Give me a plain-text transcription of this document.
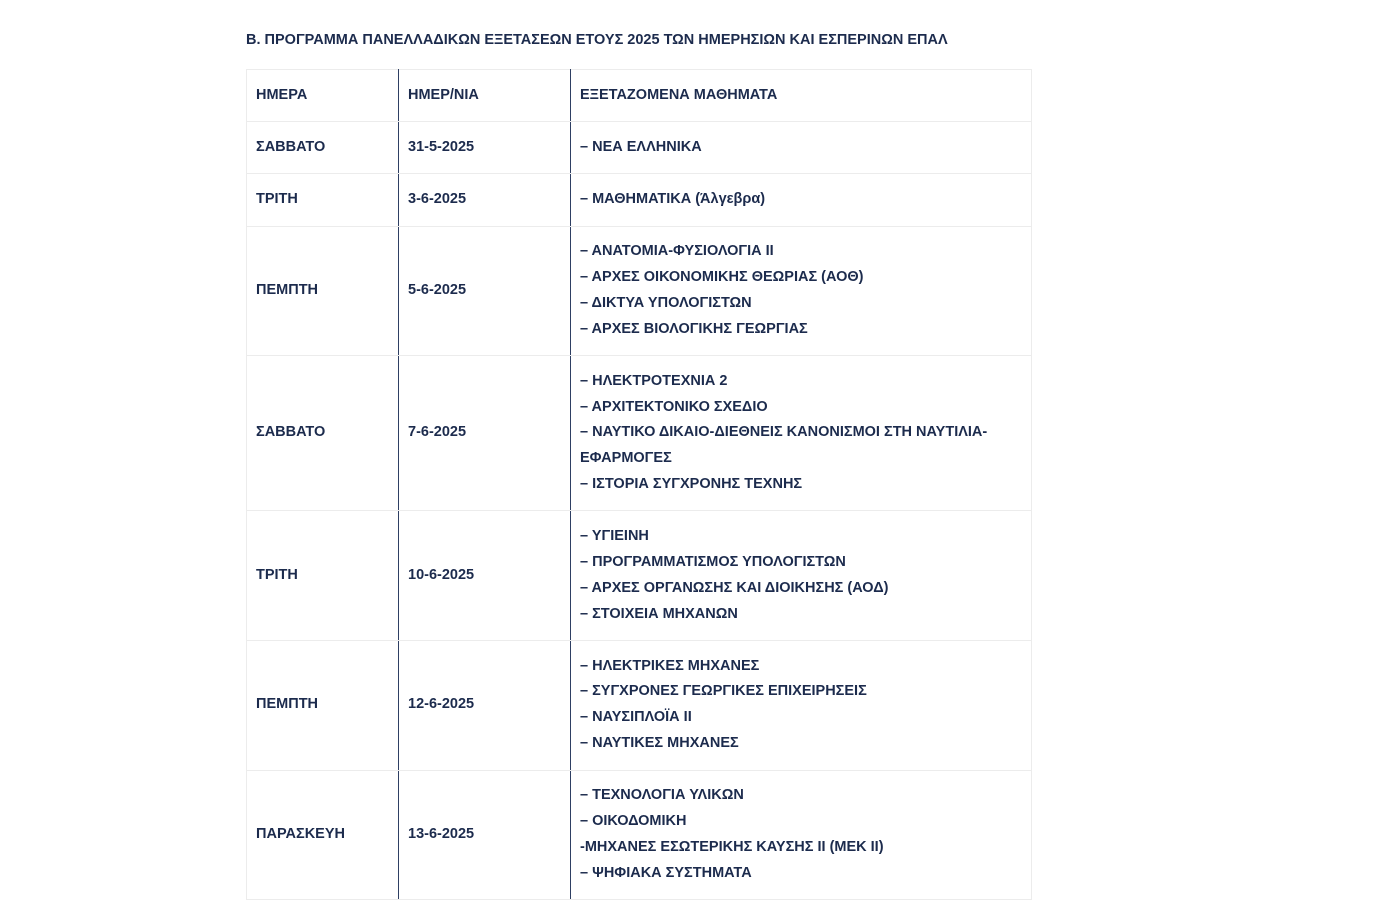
Β. ΠΡΟΓΡΑΜΜΑ ΠΑΝΕΛΛΑΔΙΚΩΝ ΕΞΕΤΑΣΕΩΝ ΕΤΟΥΣ 2025 ΤΩΝ ΗΜΕΡΗΣΙΩΝ ΚΑΙ ΕΣΠΕΡΙΝΩΝ ΕΠΑΛ
ΗΜΕΡΑ	ΗΜΕΡ/ΝΙΑ	ΕΞΕΤΑΖΟΜΕΝΑ ΜΑΘΗΜΑΤΑ
ΣΑΒΒΑΤΟ	31-5-2025	– ΝΕΑ ΕΛΛΗΝΙΚΑ

ΤΡΙΤΗ	3-6-2025	– ΜΑΘΗΜΑΤΙΚΑ (Άλγεβρα)

ΠΕΜΠΤΗ	5-6-2025	– ΑΝΑΤΟΜΙΑ-ΦΥΣΙΟΛΟΓΙΑ ΙΙ
– ΑΡΧΕΣ ΟΙΚΟΝΟΜΙΚΗΣ ΘΕΩΡΙΑΣ (ΑΟΘ)
– ΔΙΚΤΥΑ ΥΠΟΛΟΓΙΣΤΩΝ
– ΑΡΧΕΣ ΒΙΟΛΟΓΙΚΗΣ ΓΕΩΡΓΙΑΣ

ΣΑΒΒΑΤΟ	7-6-2025	– ΗΛΕΚΤΡΟΤΕΧΝΙΑ 2
– ΑΡΧΙΤΕΚΤΟΝΙΚΟ ΣΧΕΔΙΟ
– ΝΑΥΤΙΚΟ ΔΙΚΑΙΟ-ΔΙΕΘΝΕΙΣ ΚΑΝΟΝΙΣΜΟΙ ΣΤΗ ΝΑΥΤΙΛΙΑ-ΕΦΑΡΜΟΓΕΣ
– ΙΣΤΟΡΙΑ ΣΥΓΧΡΟΝΗΣ ΤΕΧΝΗΣ

ΤΡΙΤΗ	10-6-2025	– ΥΓΙΕΙΝΗ
– ΠΡΟΓΡΑΜΜΑΤΙΣΜΟΣ ΥΠΟΛΟΓΙΣΤΩΝ
– ΑΡΧΕΣ ΟΡΓΑΝΩΣΗΣ ΚΑΙ ΔΙΟΙΚΗΣΗΣ (ΑΟΔ)
– ΣΤΟΙΧΕΙΑ ΜΗΧΑΝΩΝ

ΠΕΜΠΤΗ	12-6-2025	– ΗΛΕΚΤΡΙΚΕΣ ΜΗΧΑΝΕΣ
– ΣΥΓΧΡΟΝΕΣ ΓΕΩΡΓΙΚΕΣ ΕΠΙΧΕΙΡΗΣΕΙΣ
– ΝΑΥΣΙΠΛΟΪΑ ΙΙ
– ΝΑΥΤΙΚΕΣ ΜΗΧΑΝΕΣ

ΠΑΡΑΣΚΕΥΗ	13-6-2025	– ΤΕΧΝΟΛΟΓΙΑ ΥΛΙΚΩΝ
– ΟΙΚΟΔΟΜΙΚΗ
-ΜΗΧΑΝΕΣ ΕΣΩΤΕΡΙΚΗΣ ΚΑΥΣΗΣ ΙΙ (ΜΕΚ ΙΙ)
– ΨΗΦΙΑΚΑ ΣΥΣΤΗΜΑΤΑ
